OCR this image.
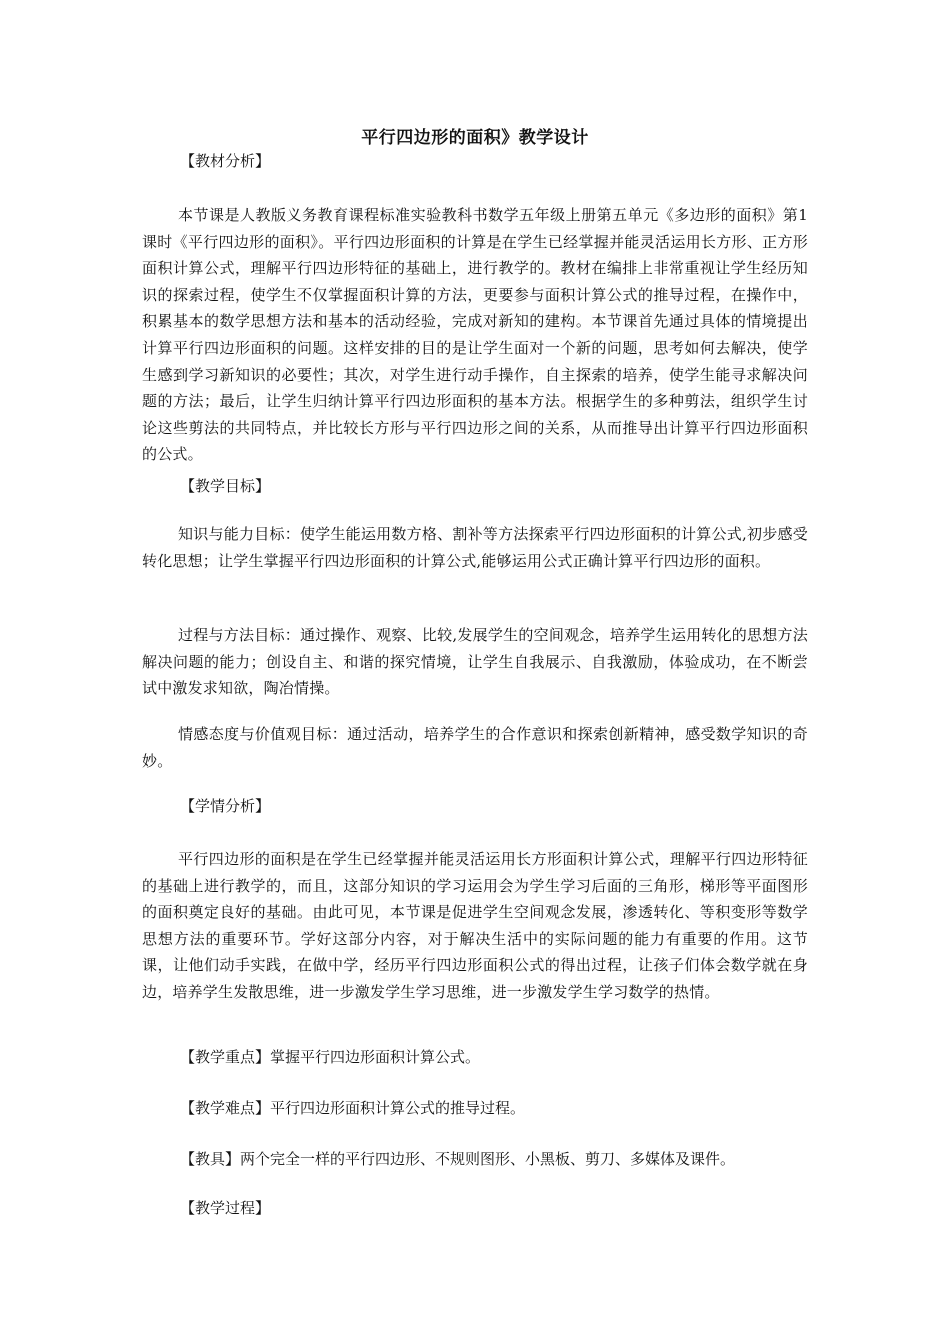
平行四边形的面积》教学设计
【教材分析】
本节课是人教版义务教育课程标准实验教科书数学五年级上册第五单元《多边形的面积》第1课时《平行四边形的面积》。平行四边形面积的计算是在学生已经掌握并能灵活运用长方形、正方形面积计算公式，理解平行四边形特征的基础上，进行教学的。教材在编排上非常重视让学生经历知识的探索过程，使学生不仅掌握面积计算的方法，更要参与面积计算公式的推导过程，在操作中，积累基本的数学思想方法和基本的活动经验，完成对新知的建构。本节课首先通过具体的情境提出计算平行四边形面积的问题。这样安排的目的是让学生面对一个新的问题，思考如何去解决，使学生感到学习新知识的必要性；其次，对学生进行动手操作，自主探索的培养，使学生能寻求解决问题的方法；最后，让学生归纳计算平行四边形面积的基本方法。根据学生的多种剪法，组织学生讨论这些剪法的共同特点，并比较长方形与平行四边形之间的关系，从而推导出计算平行四边形面积的公式。
【教学目标】
知识与能力目标：使学生能运用数方格、割补等方法探索平行四边形面积的计算公式,初步感受转化思想；让学生掌握平行四边形面积的计算公式,能够运用公式正确计算平行四边形的面积。
过程与方法目标：通过操作、观察、比较,发展学生的空间观念，培养学生运用转化的思想方法解决问题的能力；创设自主、和谐的探究情境，让学生自我展示、自我激励，体验成功，在不断尝试中激发求知欲，陶冶情操。
情感态度与价值观目标：通过活动，培养学生的合作意识和探索创新精神，感受数学知识的奇妙。
【学情分析】
平行四边形的面积是在学生已经掌握并能灵活运用长方形面积计算公式，理解平行四边形特征的基础上进行教学的，而且，这部分知识的学习运用会为学生学习后面的三角形，梯形等平面图形的面积奠定良好的基础。由此可见，本节课是促进学生空间观念发展，渗透转化、等积变形等数学思想方法的重要环节。学好这部分内容，对于解决生活中的实际问题的能力有重要的作用。这节课，让他们动手实践，在做中学，经历平行四边形面积公式的得出过程，让孩子们体会数学就在身边，培养学生发散思维，进一步激发学生学习思维，进一步激发学生学习数学的热情。
【教学重点】掌握平行四边形面积计算公式。
【教学难点】平行四边形面积计算公式的推导过程。
【教具】两个完全一样的平行四边形、不规则图形、小黑板、剪刀、多媒体及课件。
【教学过程】
